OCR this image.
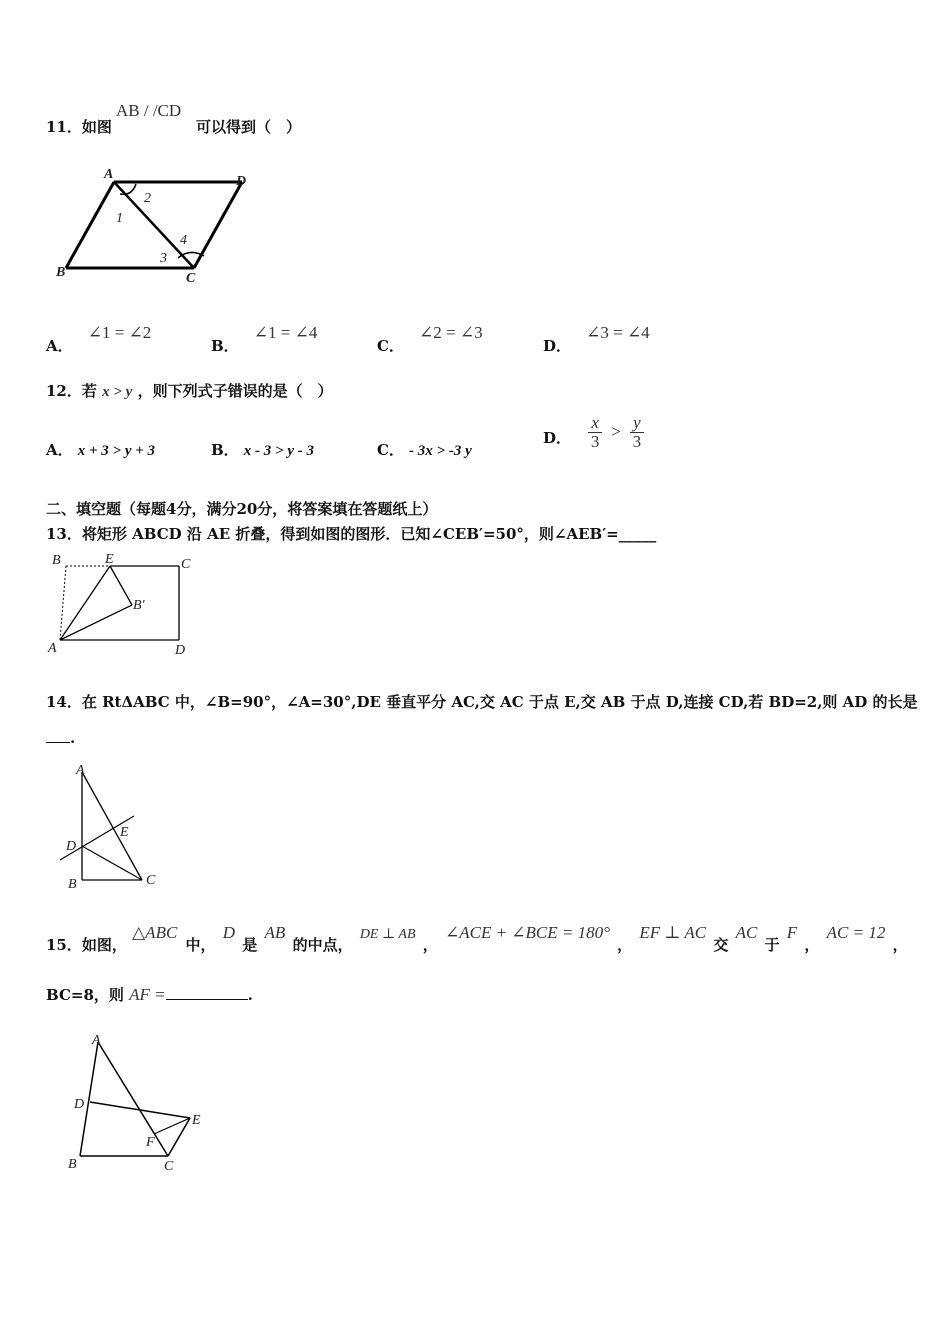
11．如图
AB / /CD
可以得到（　）
A	D
B	C
1
2
3
4
A． ∠1 = ∠2
B． ∠1 = ∠4
C． ∠2 = ∠3
D． ∠3 = ∠4
12．若 x > y ，则下列式子错误的是（　）
A． x + 3 > y + 3	B． x - 3 > y - 3	C． - 3x > -3 y
D． $\frac{x}{3} > \frac{y}{3}$
二、填空题（每题4分，满分20分，将答案填在答题纸上）
13．将矩形 ABCD 沿 AE 折叠，得到如图的图形．已知∠CEB′=50°，则∠AEB′=_____
B	E	C
B′
A	D
14．在 RtΔABC 中，∠B=90°，∠A=30°,DE 垂直平分 AC,交 AC 于点 E,交 AB 于点 D,连接 CD,若 BD=2,则 AD 的长是
.
A
D
E
B	C
15．如图， △ABC 中， D 是 AB 的中点， DE ⊥ AB ， ∠ACE + ∠BCE = 180° ， EF ⊥ AC 交 AC 于 F ， AC = 12 ，
BC=8，则 AF =	.
A
D
E
F
B	C
